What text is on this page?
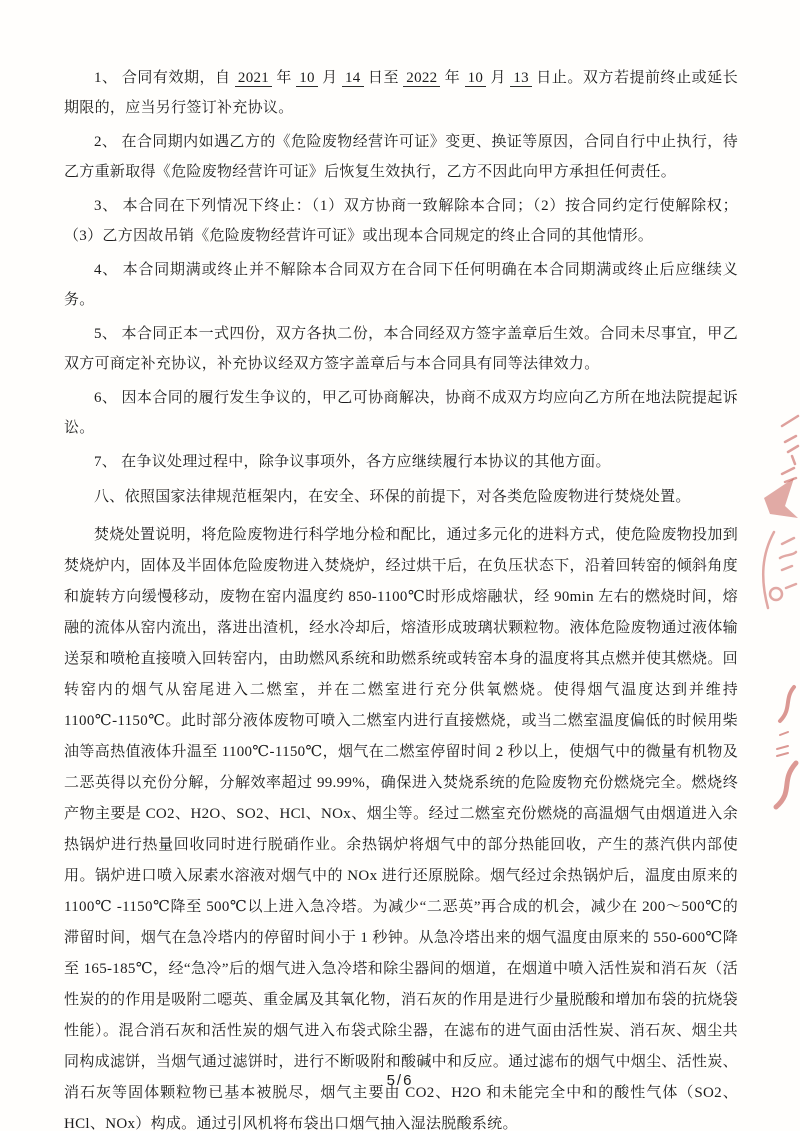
1、 合同有效期，自 2021 年 10 月 14 日至 2022 年 10 月 13 日止。双方若提前终止或延长期限的，应当另行签订补充协议。

2、 在合同期内如遇乙方的《危险废物经营许可证》变更、换证等原因，合同自行中止执行，待乙方重新取得《危险废物经营许可证》后恢复生效执行，乙方不因此向甲方承担任何责任。

3、 本合同在下列情况下终止：（1）双方协商一致解除本合同；（2）按合同约定行使解除权；（3）乙方因故吊销《危险废物经营许可证》或出现本合同规定的终止合同的其他情形。

4、 本合同期满或终止并不解除本合同双方在合同下任何明确在本合同期满或终止后应继续义务。

5、 本合同正本一式四份，双方各执二份，本合同经双方签字盖章后生效。合同未尽事宜，甲乙双方可商定补充协议，补充协议经双方签字盖章后与本合同具有同等法律效力。

6、 因本合同的履行发生争议的，甲乙可协商解决，协商不成双方均应向乙方所在地法院提起诉讼。

7、 在争议处理过程中，除争议事项外，各方应继续履行本协议的其他方面。

八、依照国家法律规范框架内，在安全、环保的前提下，对各类危险废物进行焚烧处置。

焚烧处置说明，将危险废物进行科学地分检和配比，通过多元化的进料方式，使危险废物投加到焚烧炉内，固体及半固体危险废物进入焚烧炉，经过烘干后，在负压状态下，沿着回转窑的倾斜角度和旋转方向缓慢移动，废物在窑内温度约 850-1100℃时形成熔融状，经 90min 左右的燃烧时间，熔融的流体从窑内流出，落进出渣机，经水冷却后，熔渣形成玻璃状颗粒物。液体危险废物通过液体输送泵和喷枪直接喷入回转窑内，由助燃风系统和助燃系统或转窑本身的温度将其点燃并使其燃烧。回转窑内的烟气从窑尾进入二燃室，并在二燃室进行充分供氧燃烧。使得烟气温度达到并维持 1100℃-1150℃。此时部分液体废物可喷入二燃室内进行直接燃烧，或当二燃室温度偏低的时候用柴油等高热值液体升温至 1100℃-1150℃，烟气在二燃室停留时间 2 秒以上，使烟气中的微量有机物及二恶英得以充份分解，分解效率超过 99.99%，确保进入焚烧系统的危险废物充份燃烧完全。燃烧终产物主要是 CO2、H2O、SO2、HCl、NOx、烟尘等。经过二燃室充份燃烧的高温烟气由烟道进入余热锅炉进行热量回收同时进行脱硝作业。余热锅炉将烟气中的部分热能回收，产生的蒸汽供内部使用。锅炉进口喷入尿素水溶液对烟气中的 NOx 进行还原脱除。烟气经过余热锅炉后，温度由原来的 1100℃ -1150℃降至 500℃以上进入急冷塔。为减少“二恶英”再合成的机会，减少在 200～500℃的滞留时间，烟气在急冷塔内的停留时间小于 1 秒钟。从急冷塔出来的烟气温度由原来的 550-600℃降至 165-185℃，经“急冷”后的烟气进入急冷塔和除尘器间的烟道，在烟道中喷入活性炭和消石灰（活性炭的的作用是吸附二噁英、重金属及其氧化物，消石灰的作用是进行少量脱酸和增加布袋的抗烧袋性能）。混合消石灰和活性炭的烟气进入布袋式除尘器，在滤布的进气面由活性炭、消石灰、烟尘共同构成滤饼，当烟气通过滤饼时，进行不断吸附和酸碱中和反应。通过滤布的烟气中烟尘、活性炭、消石灰等固体颗粒物已基本被脱尽，烟气主要由 CO2、H2O 和未能完全中和的酸性气体（SO2、HCl、NOx）构成。通过引风机将布袋出口烟气抽入湿法脱酸系统。

5/6
